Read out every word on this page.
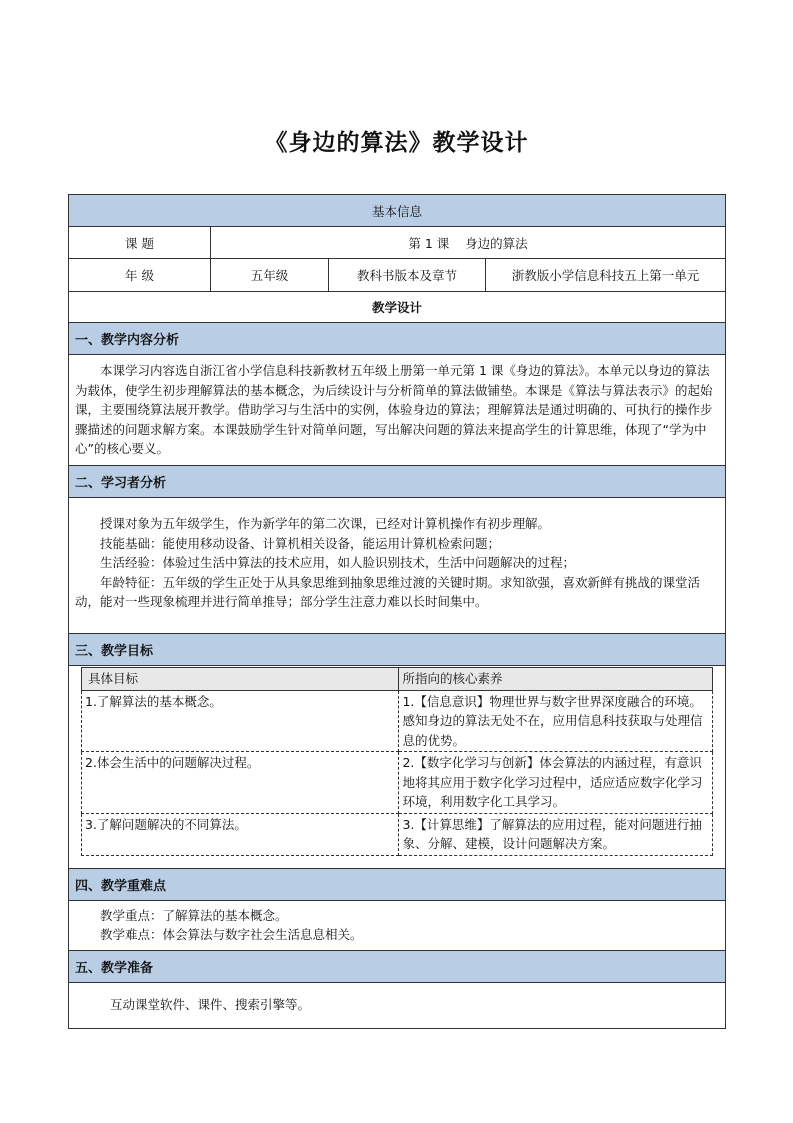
《身边的算法》教学设计
基本信息
课 题	第 1 课    身边的算法
年 级	五年级	教科书版本及章节	浙教版小学信息科技五上第一单元
教学设计
一、教学内容分析

本课学习内容选自浙江省小学信息科技新教材五年级上册第一单元第 1 课《身边的算法》。本单元以身边的算法为载体，使学生初步理解算法的基本概念，为后续设计与分析简单的算法做铺垫。本课是《算法与算法表示》的起始课，主要围绕算法展开教学。借助学习与生活中的实例，体验身边的算法；理解算法是通过明确的、可执行的操作步骤描述的问题求解方案。本课鼓励学生针对简单问题，写出解决问题的算法来提高学生的计算思维，体现了“学为中心”的核心要义。

二、学习者分析

授课对象为五年级学生，作为新学年的第二次课，已经对计算机操作有初步理解。

技能基础：能使用移动设备、计算机相关设备，能运用计算机检索问题；

生活经验：体验过生活中算法的技术应用，如人脸识别技术，生活中问题解决的过程；

年龄特征：五年级的学生正处于从具象思维到抽象思维过渡的关键时期。求知欲强，喜欢新鲜有挑战的课堂活动，能对一些现象梳理并进行简单推导；部分学生注意力难以长时间集中。

三、教学目标

具体目标	所指向的核心素养
1.了解算法的基本概念。	1.【信息意识】物理世界与数字世界深度融合的环境。感知身边的算法无处不在，应用信息科技获取与处理信息的优势。
2.体会生活中的问题解决过程。	2.【数字化学习与创新】体会算法的内涵过程，有意识地将其应用于数字化学习过程中，适应适应数字化学习环境，利用数字化工具学习。
3.了解问题解决的不同算法。	3.【计算思维】了解算法的应用过程，能对问题进行抽象、分解、建模，设计问题解决方案。

四、教学重难点

教学重点：了解算法的基本概念。

教学难点：体会算法与数字社会生活息息相关。

五、教学准备

互动课堂软件、课件、搜索引擎等。
